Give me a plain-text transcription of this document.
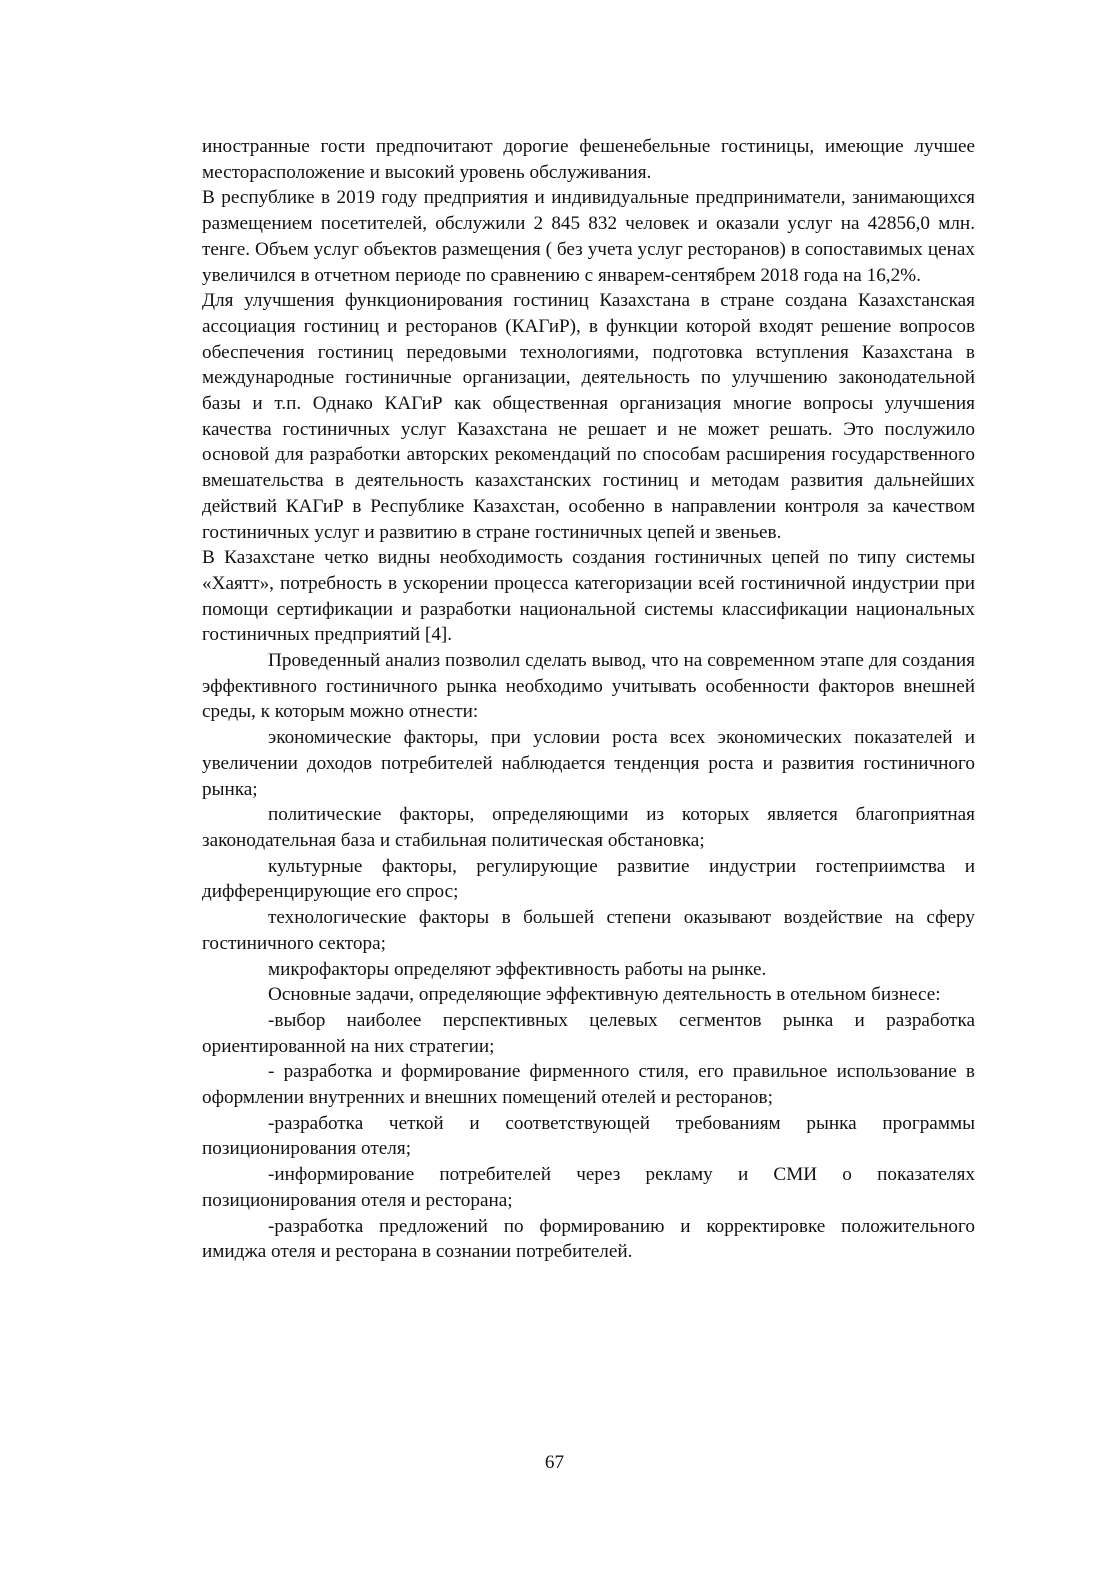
иностранные гости предпочитают дорогие фешенебельные гостиницы, имеющие лучшее месторасположение и высокий уровень обслуживания.

В республике в 2019 году предприятия и индивидуальные предприниматели, занимающихся размещением посетителей, обслужили 2 845 832 человек и оказали услуг на 42856,0 млн. тенге. Объем услуг объектов размещения ( без учета услуг ресторанов) в сопоставимых ценах увеличился в отчетном периоде по сравнению с январем-сентябрем 2018 года на 16,2%.

Для улучшения функционирования гостиниц Казахстана в стране создана Казахстанская ассоциация гостиниц и ресторанов (КАГиР), в функции которой входят решение вопросов обеспечения гостиниц передовыми технологиями, подготовка вступления Казахстана в международные гостиничные организации, деятельность по улучшению законодательной базы и т.п. Однако КАГиР как общественная организация многие вопросы улучшения качества гостиничных услуг Казахстана не решает и не может решать. Это послужило основой для разработки авторских рекомендаций по способам расширения государственного вмешательства в деятельность казахстанских гостиниц и методам развития дальнейших действий КАГиР в Республике Казахстан, особенно в направлении контроля за качеством гостиничных услуг и развитию в стране гостиничных цепей и звеньев.

В Казахстане четко видны необходимость создания гостиничных цепей по типу системы «Хаятт», потребность в ускорении процесса категоризации всей гостиничной индустрии при помощи сертификации и разработки национальной системы классификации национальных гостиничных предприятий [4].

Проведенный анализ позволил сделать вывод, что на современном этапе для создания эффективного гостиничного рынка необходимо учитывать особенности факторов внешней среды, к которым можно отнести:

экономические факторы, при условии роста всех экономических показателей и увеличении доходов потребителей наблюдается тенденция роста и развития гостиничного рынка;

политические факторы, определяющими из которых является благоприятная законодательная база и стабильная политическая обстановка;

культурные факторы, регулирующие развитие индустрии гостеприимства и дифференцирующие его спрос;

технологические факторы в большей степени оказывают воздействие на сферу гостиничного сектора;

микрофакторы определяют эффективность работы на рынке.

Основные задачи, определяющие эффективную деятельность в отельном бизнесе:

-выбор наиболее перспективных целевых сегментов рынка и разработка ориентированной на них стратегии;

- разработка и формирование фирменного стиля, его правильное использование в оформлении внутренних и внешних помещений отелей и ресторанов;

-разработка четкой и соответствующей требованиям рынка программы позиционирования отеля;

-информирование потребителей через рекламу и СМИ о показателях позиционирования отеля и ресторана;

-разработка предложений по формированию и корректировке положительного имиджа отеля и ресторана в сознании потребителей.

67
